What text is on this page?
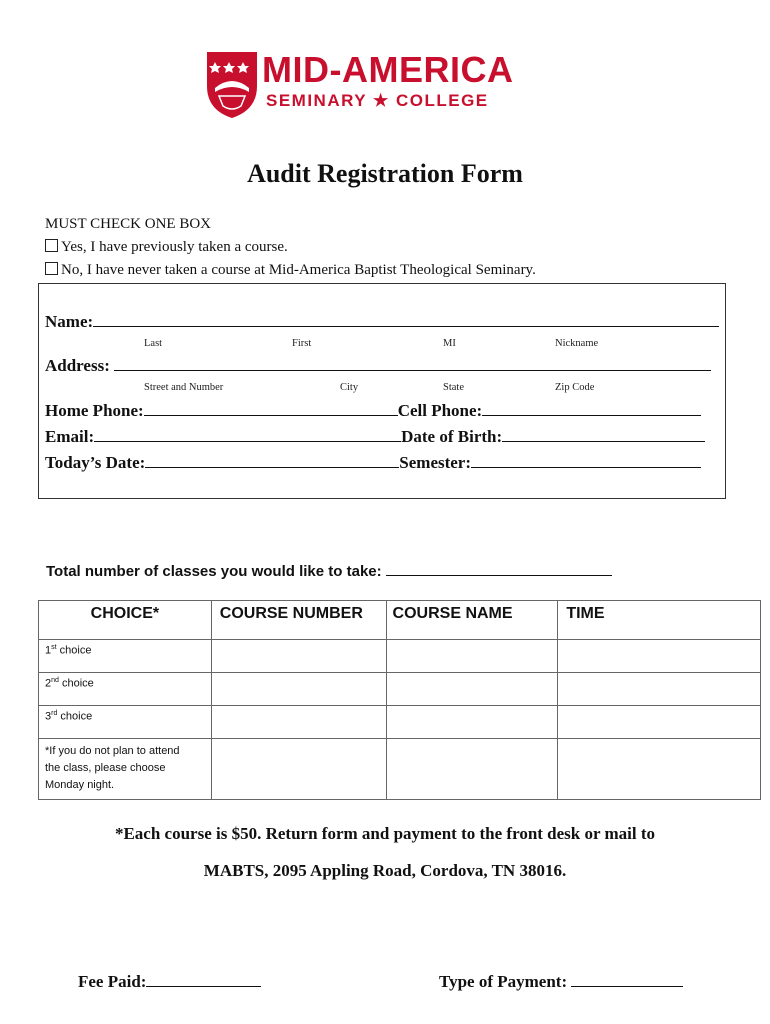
MID-AMERICA
SEMINARY ★ COLLEGE
Audit Registration Form
MUST CHECK ONE BOX
Yes, I have previously taken a course.
No, I have never taken a course at Mid-America Baptist Theological Seminary.
Name:
Last	First	MI	Nickname
Address:
Street and Number	City	State	Zip Code
Home Phone:	Cell Phone:
Email:	Date of Birth:
Today’s Date:	Semester:
Total number of classes you would like to take:
CHOICE*	COURSE NUMBER	COURSE NAME	TIME
1st choice			
2nd choice			
3rd choice			

*If you do not plan to attend
the class, please choose
Monday night.			

*Each course is $50. Return form and payment to the front desk or mail to
MABTS, 2095 Appling Road, Cordova, TN 38016.
Fee Paid:	Type of Payment:
